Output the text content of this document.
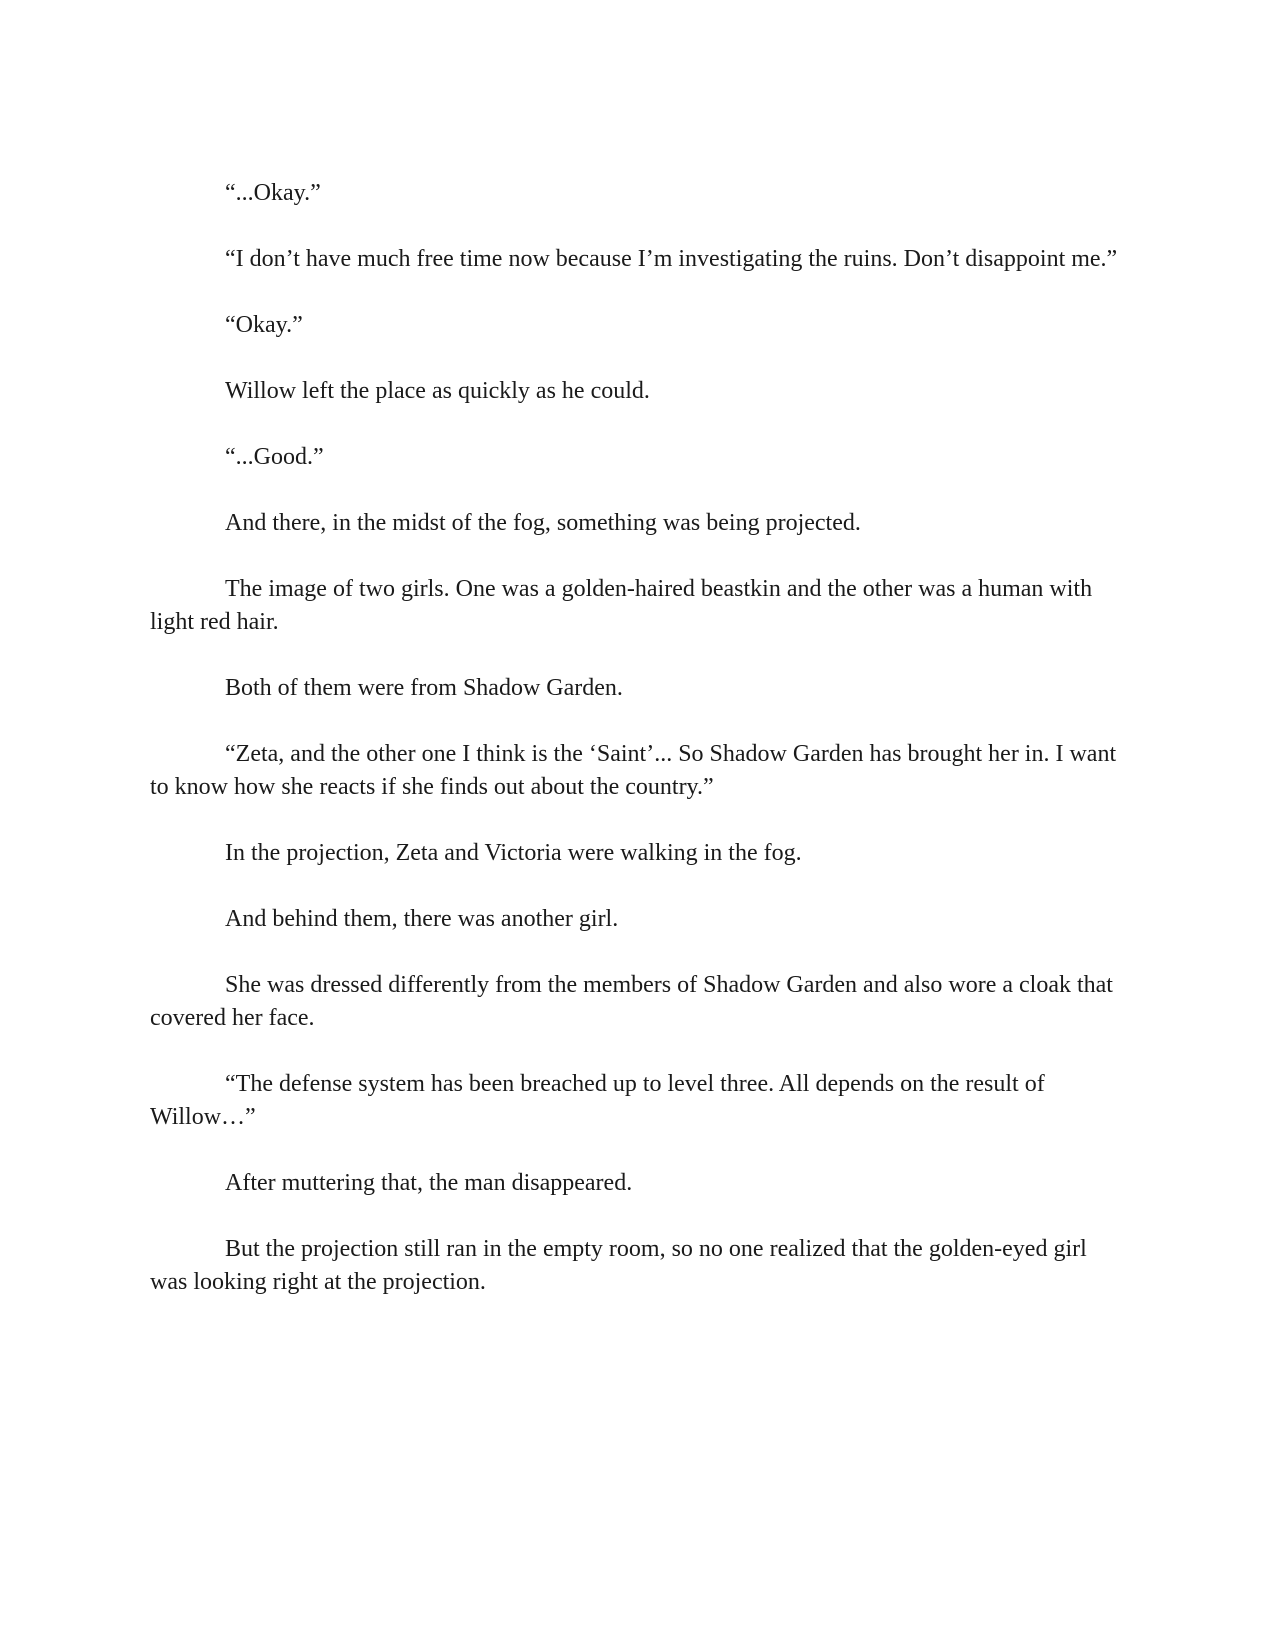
“...Okay.”

“I don’t have much free time now because I’m investigating the ruins. Don’t disappoint me.”

“Okay.”

Willow left the place as quickly as he could.

“...Good.”

And there, in the midst of the fog, something was being projected.

The image of two girls. One was a golden-haired beastkin and the other was a human with light red hair.

Both of them were from Shadow Garden.

“Zeta, and the other one I think is the ‘Saint’... So Shadow Garden has brought her in. I want to know how she reacts if she finds out about the country.”

In the projection, Zeta and Victoria were walking in the fog.

And behind them, there was another girl.

She was dressed differently from the members of Shadow Garden and also wore a cloak that covered her face.

“The defense system has been breached up to level three. All depends on the result of Willow…”

After muttering that, the man disappeared.

But the projection still ran in the empty room, so no one realized that the golden-eyed girl was looking right at the projection.
